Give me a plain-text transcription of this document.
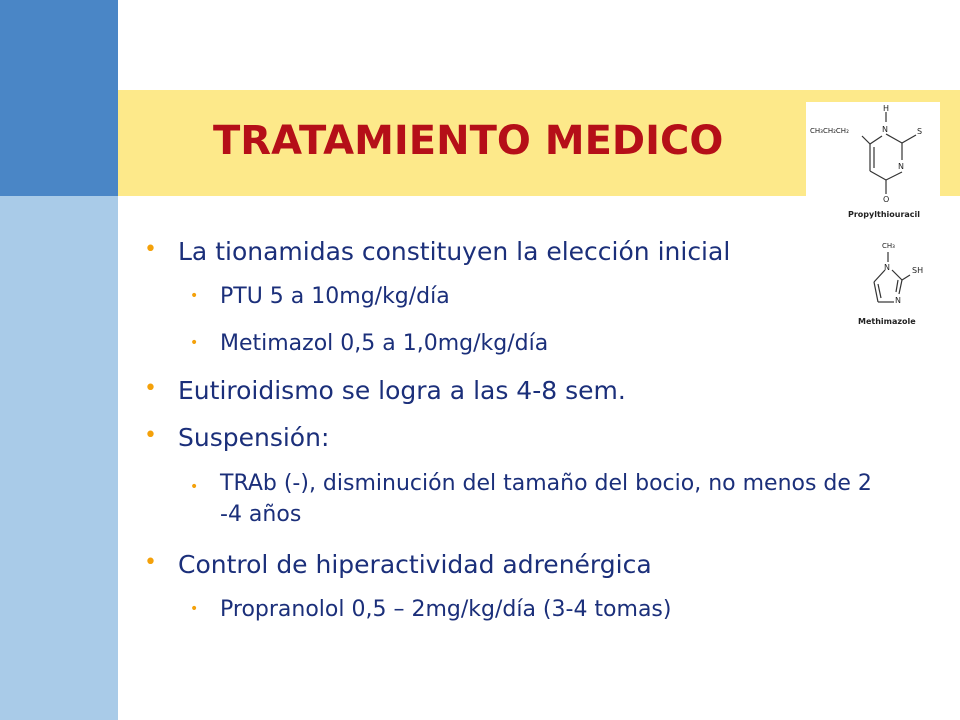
TRATAMIENTO MEDICO
H
N
N
S
O
CH₃CH₂CH₂
Propylthiouracil
CH₃
N
N
SH
Methimazole

• La tionamidas constituyen la elección inicial

• PTU 5 a 10mg/kg/día

• Metimazol 0,5 a 1,0mg/kg/día

• Eutiroidismo se logra a las 4-8 sem.

• Suspensión:

• TRAb (-), disminución del tamaño del bocio, no menos de 2 -4 años

• Control de hiperactividad adrenérgica

• Propranolol 0,5 – 2mg/kg/día (3-4 tomas)
